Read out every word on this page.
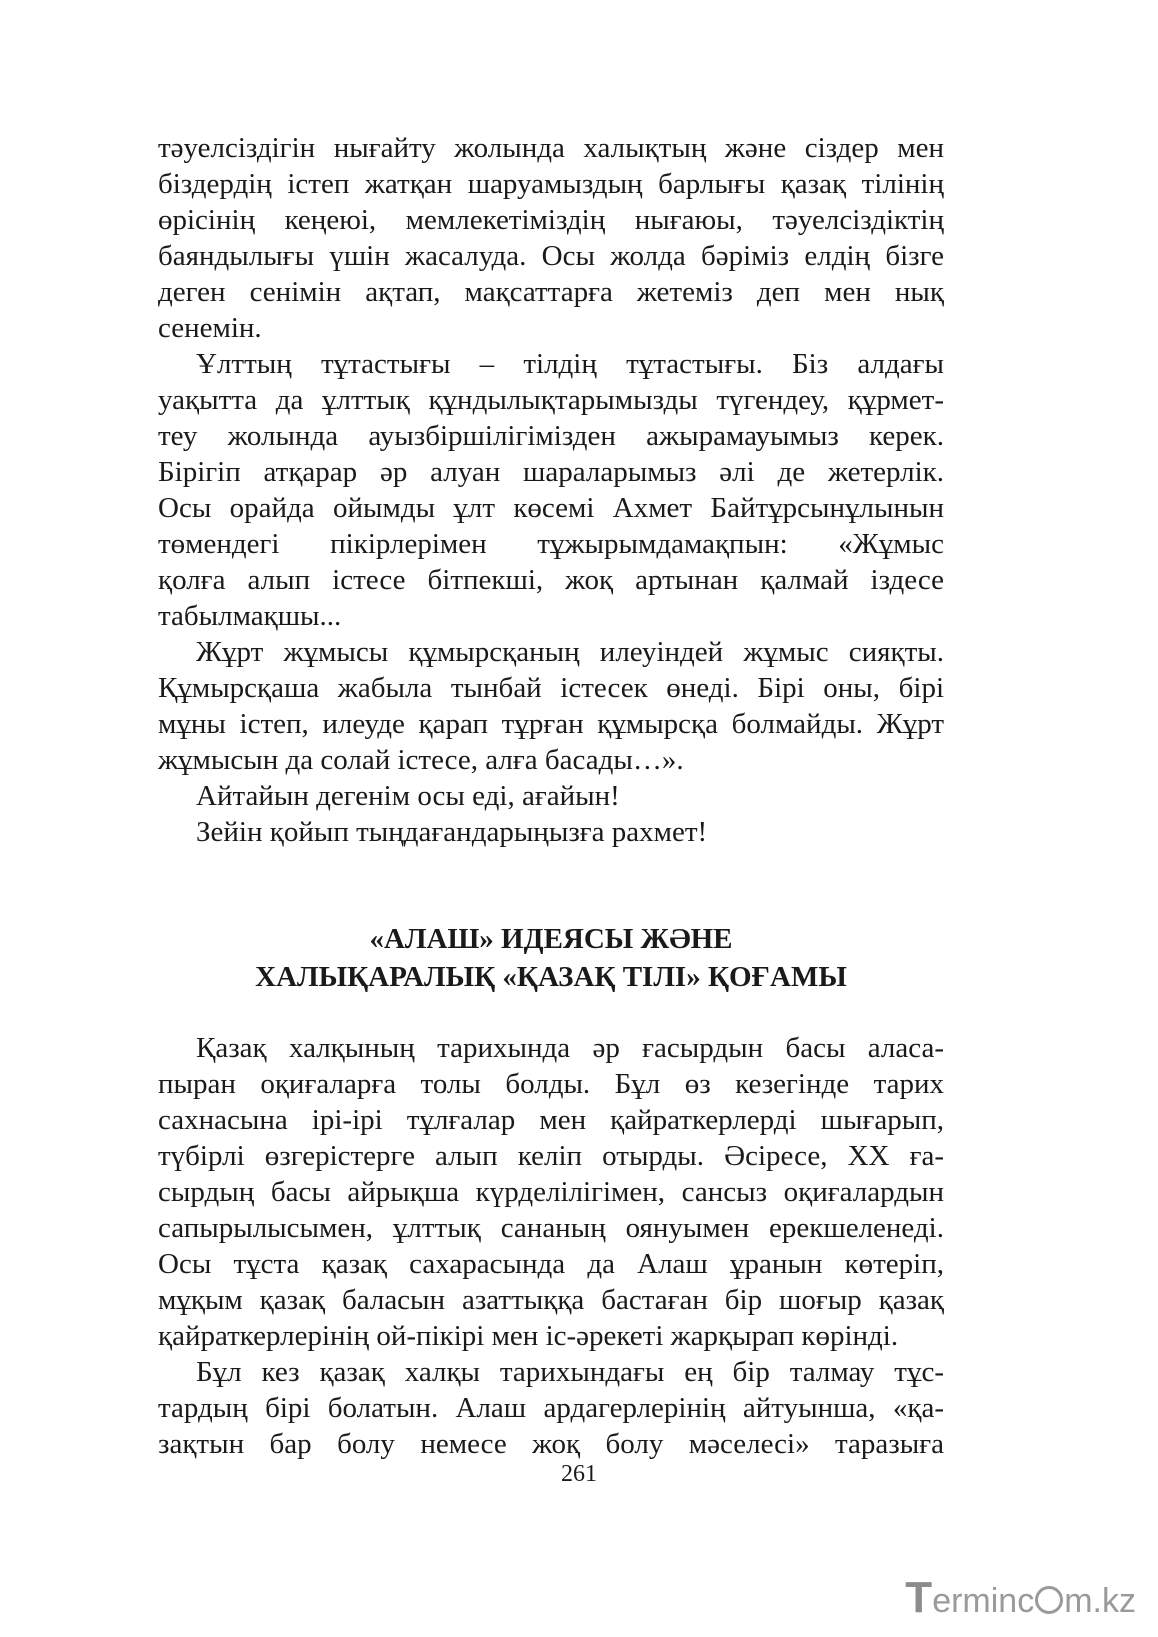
тәуелсіздігін нығайту жолында халықтың және сіздер мен
біздердің істеп жатқан шаруамыздың барлығы қазақ тілінің
өрісінің кеңеюі, мемлекетіміздің нығаюы, тәуелсіздіктің
баяндылығы үшін жасалуда. Осы жолда бәріміз елдің бізге
деген сенімін ақтап, мақсаттарға жетеміз деп мен нық
сенемін.

Ұлттың тұтастығы – тілдің тұтастығы. Біз алдағы
уақытта да ұлттық құндылықтарымызды түгендеу, құрмет-
теу жолында ауызбіршілігімізден ажырамауымыз керек.
Бірігіп атқарар әр алуан шараларымыз әлі де жетерлік.
Осы орайда ойымды ұлт көсемі Ахмет Байтұрсынұлынын
төмендегі пікірлерімен тұжырымдамақпын: «Жұмыс
қолға алып істесе бітпекші, жоқ артынан қалмай іздесе
табылмақшы...

Жұрт жұмысы құмырсқаның илеуіндей жұмыс сияқты.
Құмырсқаша жабыла тынбай істесек өнеді. Бірі оны, бірі
мұны істеп, илеуде қарап тұрған құмырсқа болмайды. Жұрт
жұмысын да солай істесе, алға басады…».

Айтайын дегенім осы еді, ағайын!

Зейін қойып тыңдағандарыңызға рахмет!

«АЛАШ» ИДЕЯСЫ ЖӘНЕ
ХАЛЫҚАРАЛЫҚ «ҚАЗАҚ ТІЛІ» ҚОҒАМЫ

Қазақ халқының тарихында әр ғасырдын басы аласа-
пыран оқиғаларға толы болды. Бұл өз кезегінде тарих
сахнасына ірі-ірі тұлғалар мен қайраткерлерді шығарып,
түбірлі өзгерістерге алып келіп отырды. Әсіресе, ХХ ға-
сырдың басы айрықша күрделілігімен, сансыз оқиғалардын
сапырылысымен, ұлттық сананың оянуымен ерекшеленеді.
Осы тұста қазақ сахарасында да Алаш ұранын көтеріп,
мұқым қазақ баласын азаттыққа бастаған бір шоғыр қазақ
қайраткерлерінің ой-пікірі мен іс-әрекеті жарқырап көрінді.

Бұл кез қазақ халқы тарихындағы ең бір талмау тұс-
тардың бірі болатын. Алаш ардагерлерінің айтуынша, «қа-
зақтын бар болу немесе жоқ болу мәселесі» таразыға

261
T erminc m.kz
